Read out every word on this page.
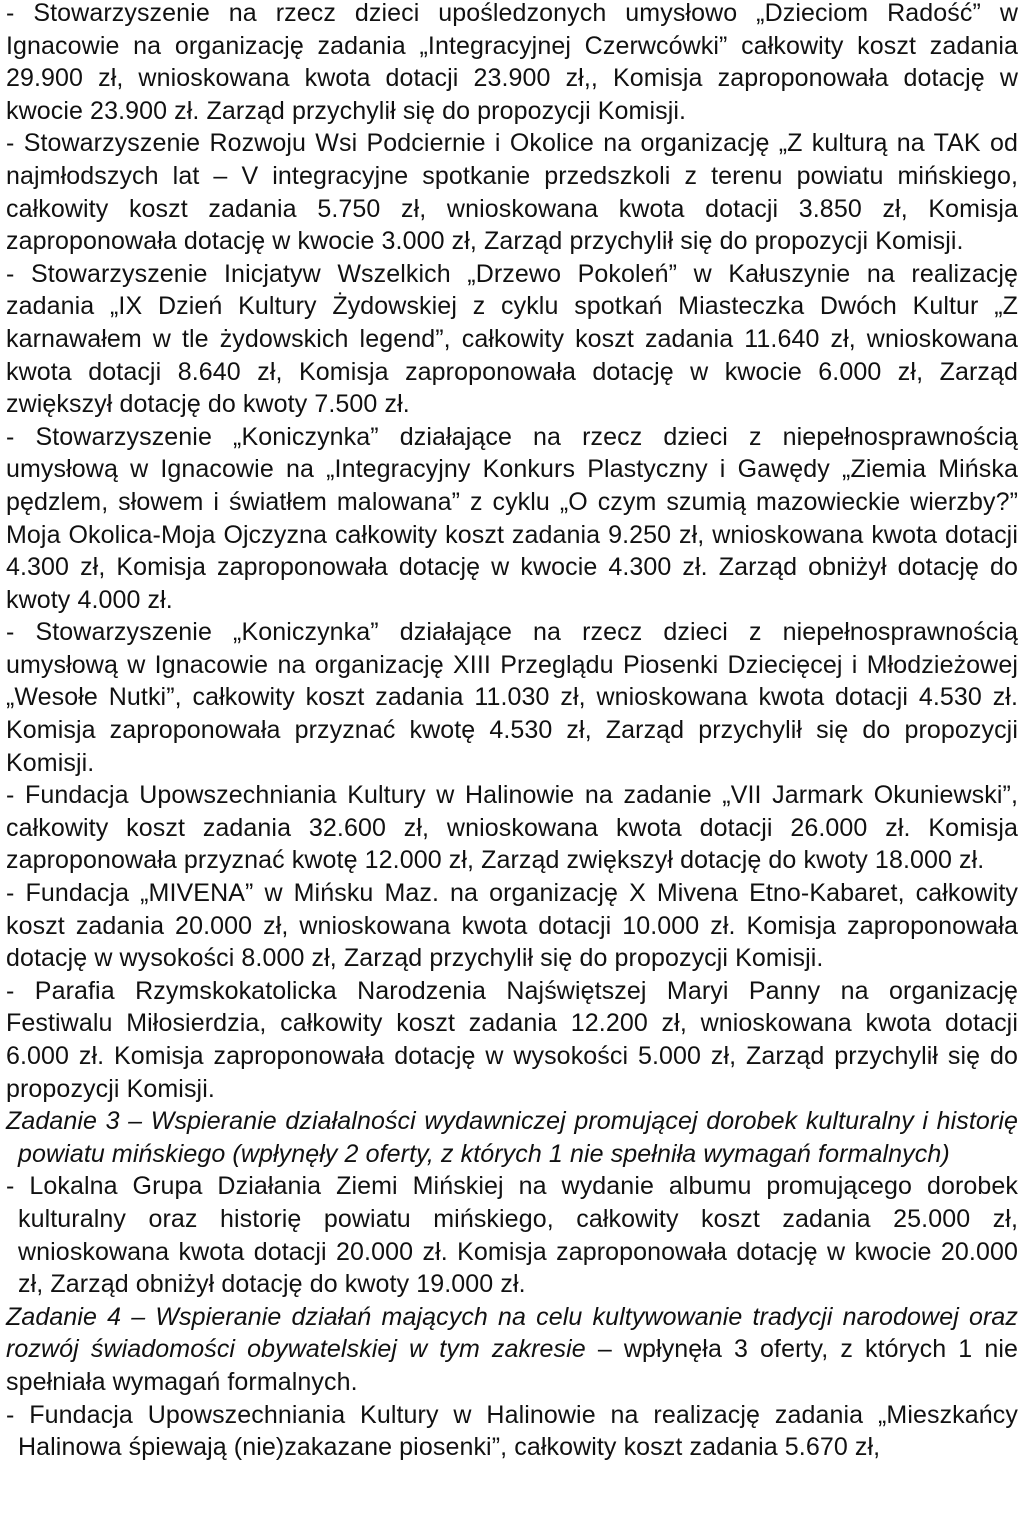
- Stowarzyszenie na rzecz dzieci upośledzonych umysłowo „Dzieciom Radość” w Ignacowie na organizację zadania „Integracyjnej Czerwcówki” całkowity koszt zadania 29.900 zł, wnioskowana kwota dotacji 23.900 zł,, Komisja zaproponowała dotację w kwocie 23.900 zł. Zarząd przychylił się do propozycji Komisji.

- Stowarzyszenie Rozwoju Wsi Podciernie i Okolice na organizację „Z kulturą na TAK od najmłodszych lat – V integracyjne spotkanie przedszkoli z terenu powiatu mińskiego, całkowity koszt zadania 5.750 zł, wnioskowana kwota dotacji 3.850 zł, Komisja zaproponowała dotację w kwocie 3.000 zł, Zarząd przychylił się do propozycji Komisji.

- Stowarzyszenie Inicjatyw Wszelkich „Drzewo Pokoleń” w Kałuszynie na realizację zadania „IX Dzień Kultury Żydowskiej z cyklu spotkań Miasteczka Dwóch Kultur „Z karnawałem w tle żydowskich legend”, całkowity koszt zadania 11.640 zł, wnioskowana kwota dotacji 8.640 zł, Komisja zaproponowała dotację w kwocie 6.000 zł, Zarząd zwiększył dotację do kwoty 7.500 zł.

- Stowarzyszenie „Koniczynka” działające na rzecz dzieci z niepełnosprawnością umysłową w Ignacowie na „Integracyjny Konkurs Plastyczny i Gawędy „Ziemia Mińska pędzlem, słowem i światłem malowana” z cyklu „O czym szumią mazowieckie wierzby?” Moja Okolica-Moja Ojczyzna całkowity koszt zadania 9.250 zł, wnioskowana kwota dotacji 4.300 zł, Komisja zaproponowała dotację w kwocie 4.300 zł. Zarząd obniżył dotację do kwoty 4.000 zł.

- Stowarzyszenie „Koniczynka” działające na rzecz dzieci z niepełnosprawnością umysłową w Ignacowie na organizację XIII Przeglądu Piosenki Dziecięcej i Młodzieżowej „Wesołe Nutki”, całkowity koszt zadania 11.030 zł, wnioskowana kwota dotacji 4.530 zł. Komisja zaproponowała przyznać kwotę 4.530 zł, Zarząd przychylił się do propozycji Komisji.

- Fundacja Upowszechniania Kultury w Halinowie na zadanie „VII Jarmark Okuniewski”, całkowity koszt zadania 32.600 zł, wnioskowana kwota dotacji 26.000 zł. Komisja zaproponowała przyznać kwotę 12.000 zł, Zarząd zwiększył dotację do kwoty 18.000 zł.

- Fundacja „MIVENA” w Mińsku Maz. na organizację X Mivena Etno-Kabaret, całkowity koszt zadania 20.000 zł, wnioskowana kwota dotacji 10.000 zł. Komisja zaproponowała dotację w wysokości 8.000 zł, Zarząd przychylił się do propozycji Komisji.

- Parafia Rzymskokatolicka Narodzenia Najświętszej Maryi Panny na organizację Festiwalu Miłosierdzia, całkowity koszt zadania 12.200 zł, wnioskowana kwota dotacji 6.000 zł. Komisja zaproponowała dotację w wysokości 5.000 zł, Zarząd przychylił się do propozycji Komisji.

Zadanie 3 – Wspieranie działalności wydawniczej promującej dorobek kulturalny i historię powiatu mińskiego (wpłynęły 2 oferty, z których 1 nie spełniła wymagań formalnych)

- Lokalna Grupa Działania Ziemi Mińskiej na wydanie albumu promującego dorobek kulturalny oraz historię powiatu mińskiego, całkowity koszt zadania 25.000 zł, wnioskowana kwota dotacji 20.000 zł. Komisja zaproponowała dotację w kwocie 20.000 zł, Zarząd obniżył dotację do kwoty 19.000 zł.

Zadanie 4 – Wspieranie działań mających na celu kultywowanie tradycji narodowej oraz rozwój świadomości obywatelskiej w tym zakresie – wpłynęła 3 oferty, z których 1 nie spełniała wymagań formalnych.

- Fundacja Upowszechniania Kultury w Halinowie na realizację zadania „Mieszkańcy Halinowa śpiewają (nie)zakazane piosenki”, całkowity koszt zadania 5.670 zł,
